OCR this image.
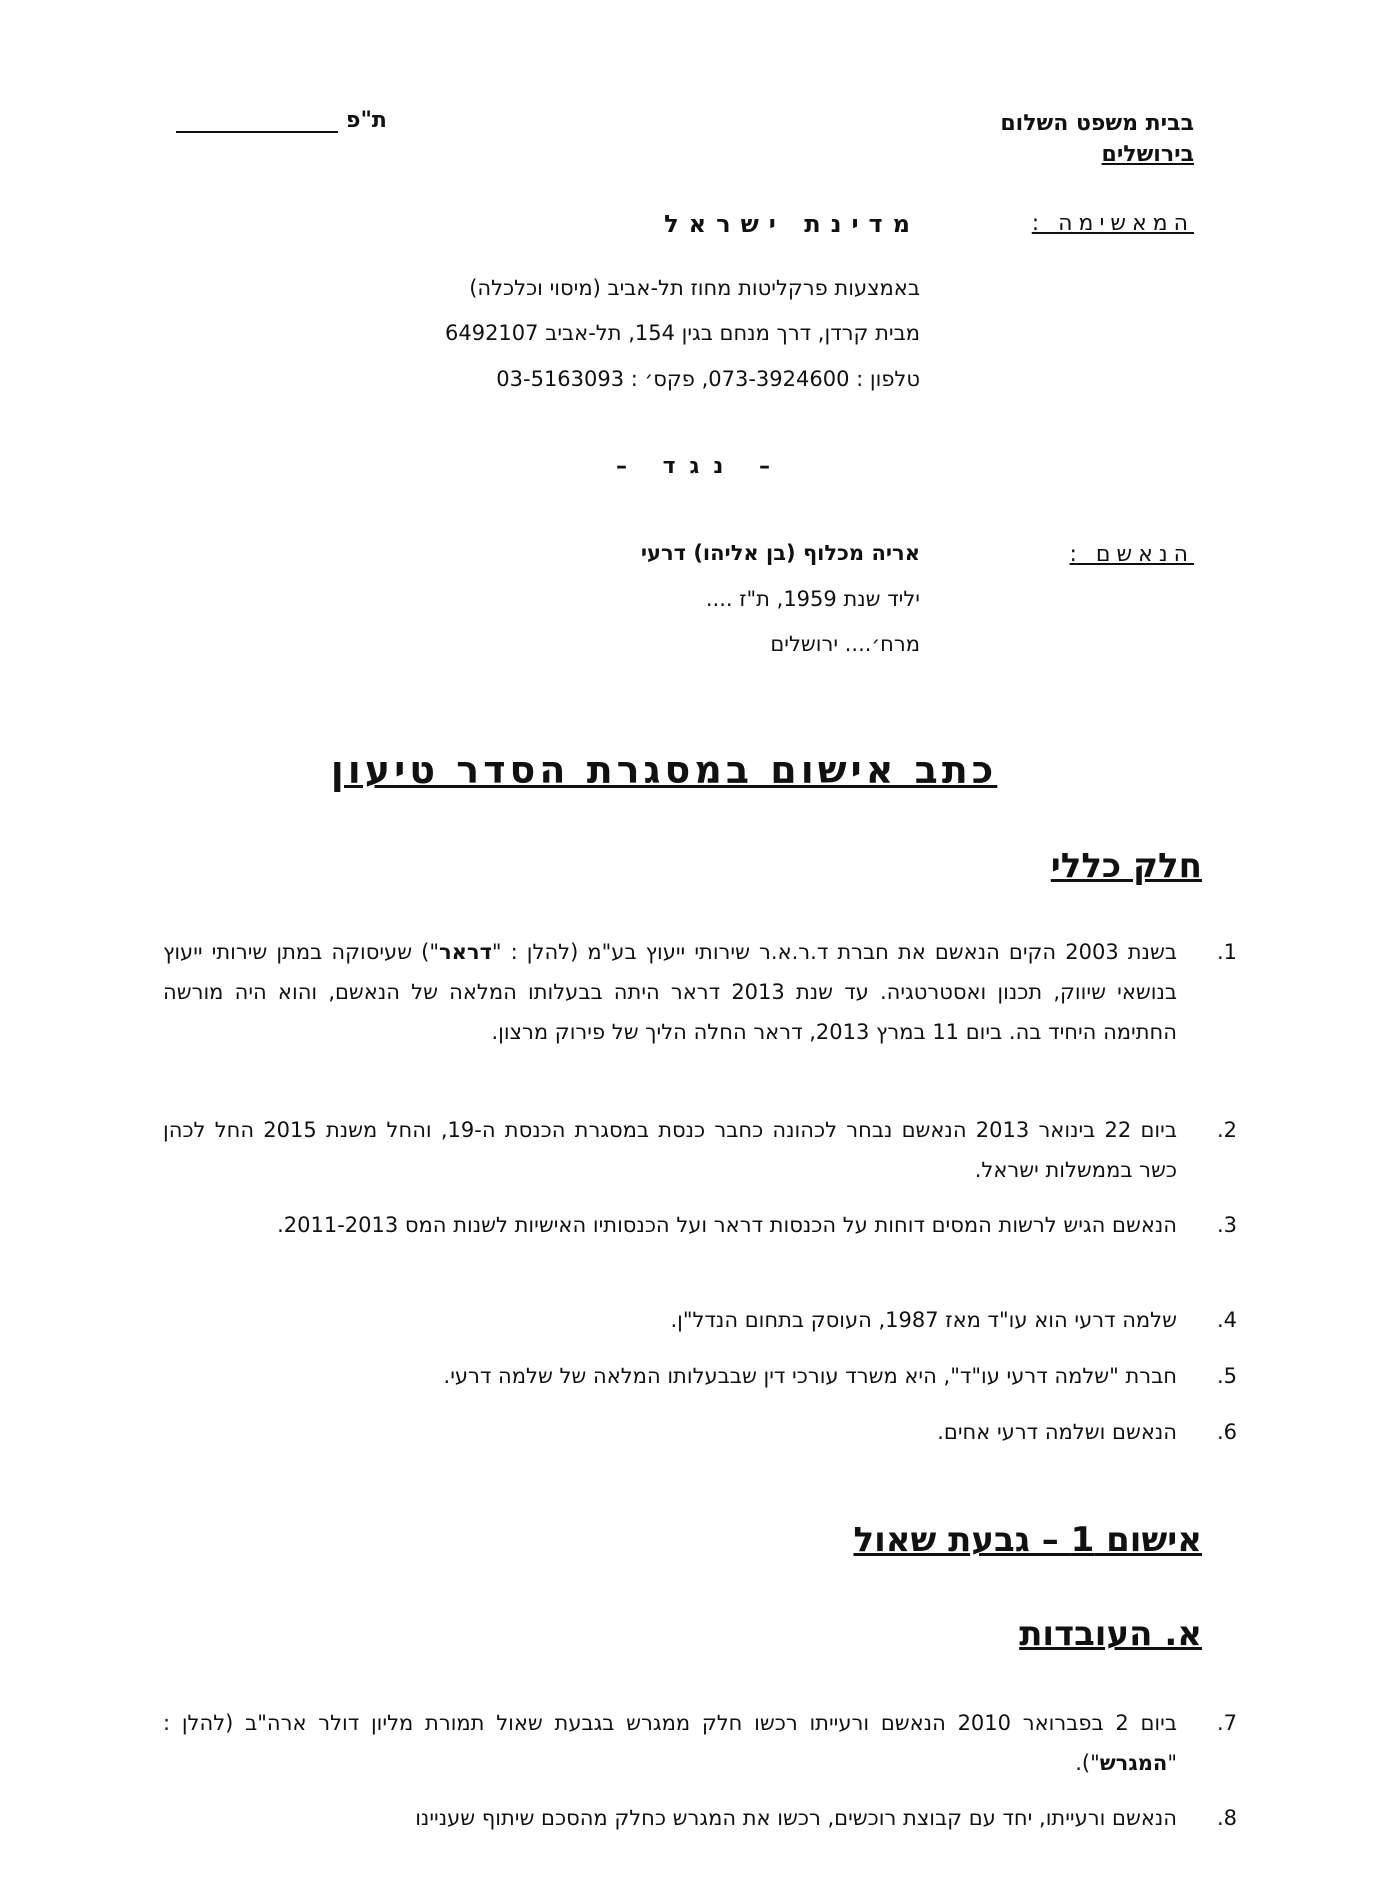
בבית משפט השלום
בירושלים
ת"פ
המאשימה :
מדינת ישראל
באמצעות פרקליטות מחוז תל-אביב (מיסוי וכלכלה)
מבית קרדן, דרך מנחם בגין 154, תל-אביב 6492107
טלפון : 073-3924600, פקס׳ : 03-5163093
– נגד –
הנאשם :
אריה מכלוף (בן אליהו) דרעי
יליד שנת 1959, ת"ז ....
מרח׳.... ירושלים
כתב אישום במסגרת הסדר טיעון
חלק כללי
1.
בשנת 2003 הקים הנאשם את חברת ד.ר.א.ר שירותי ייעוץ בע"מ (להלן : "דראר") שעיסוקה במתן שירותי ייעוץ בנושאי שיווק, תכנון ואסטרטגיה. עד שנת 2013 דראר היתה בבעלותו המלאה של הנאשם, והוא היה מורשה החתימה היחיד בה. ביום 11 במרץ 2013, דראר החלה הליך של פירוק מרצון.
2.
ביום 22 בינואר 2013 הנאשם נבחר לכהונה כחבר כנסת במסגרת הכנסת ה-19, והחל משנת 2015 החל לכהן כשר בממשלות ישראל.
3.
הנאשם הגיש לרשות המסים דוחות על הכנסות דראר ועל הכנסותיו האישיות לשנות המס 2011-2013.
4.
שלמה דרעי הוא עו"ד מאז 1987, העוסק בתחום הנדל"ן.
5.
חברת "שלמה דרעי עו"ד", היא משרד עורכי דין שבבעלותו המלאה של שלמה דרעי.
6.
הנאשם ושלמה דרעי אחים.
אישום 1 – גבעת שאול
א. העובדות
7.
ביום 2 בפברואר 2010 הנאשם ורעייתו רכשו חלק ממגרש בגבעת שאול תמורת מליון דולר ארה"ב (להלן : "המגרש").
8.
הנאשם ורעייתו, יחד עם קבוצת רוכשים, רכשו את המגרש כחלק מהסכם שיתוף שעניינו
